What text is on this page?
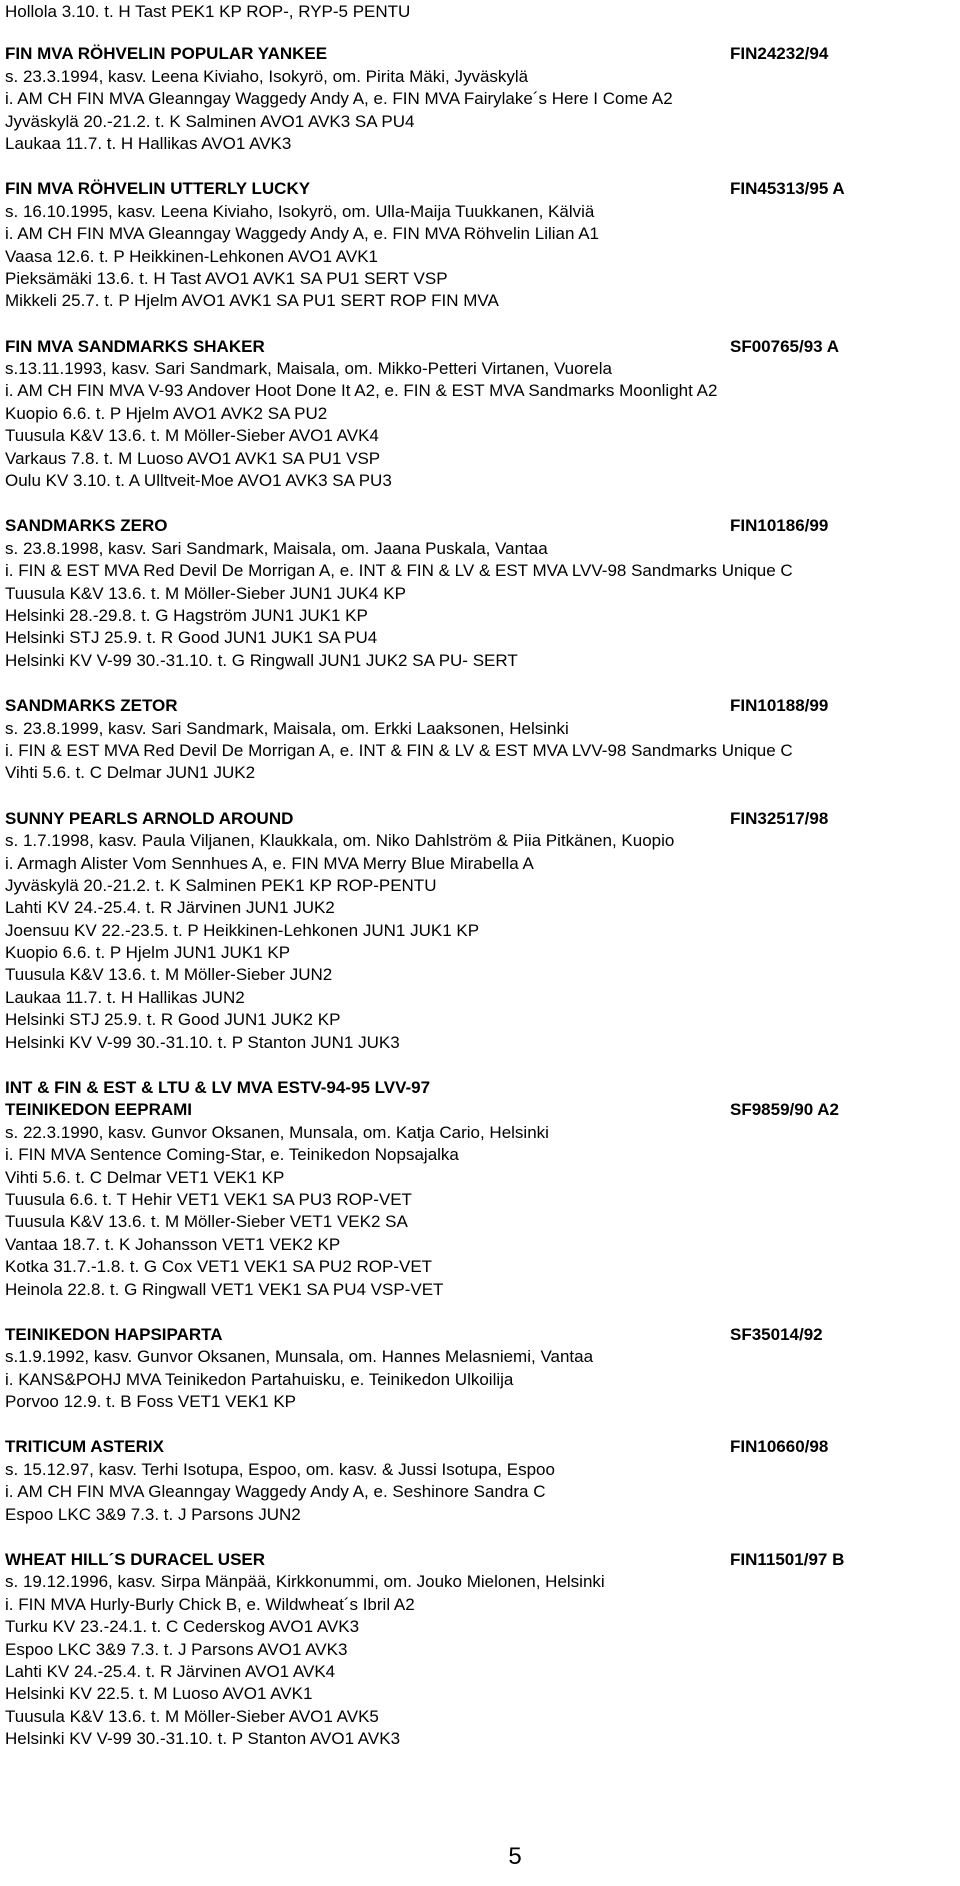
Hollola 3.10. t. H Tast PEK1 KP ROP-, RYP-5 PENTU
FIN MVA RÖHVELIN POPULAR YANKEE	FIN24232/94
s. 23.3.1994, kasv. Leena Kiviaho, Isokyrö, om. Pirita Mäki, Jyväskylä
i. AM CH FIN MVA Gleanngay Waggedy Andy A, e. FIN MVA Fairylake´s Here I Come A2
Jyväskylä 20.-21.2. t. K Salminen AVO1 AVK3 SA PU4
Laukaa 11.7. t. H Hallikas AVO1 AVK3
FIN MVA RÖHVELIN UTTERLY LUCKY	FIN45313/95 A
s. 16.10.1995, kasv. Leena Kiviaho, Isokyrö, om. Ulla-Maija Tuukkanen, Kälviä
i. AM CH FIN MVA Gleanngay Waggedy Andy A, e. FIN MVA Röhvelin Lilian A1
Vaasa 12.6. t. P Heikkinen-Lehkonen AVO1 AVK1
Pieksämäki 13.6. t. H Tast AVO1 AVK1 SA PU1 SERT VSP
Mikkeli 25.7. t. P Hjelm AVO1 AVK1 SA PU1 SERT ROP FIN MVA
FIN MVA SANDMARKS SHAKER	SF00765/93 A
s.13.11.1993, kasv. Sari Sandmark, Maisala, om. Mikko-Petteri Virtanen, Vuorela
i. AM CH FIN MVA V-93 Andover Hoot Done It A2, e. FIN & EST MVA Sandmarks Moonlight A2
Kuopio 6.6. t. P Hjelm AVO1 AVK2 SA PU2
Tuusula K&V 13.6. t. M Möller-Sieber AVO1 AVK4
Varkaus 7.8. t. M Luoso AVO1 AVK1 SA PU1 VSP
Oulu KV 3.10. t. A Ulltveit-Moe AVO1 AVK3 SA PU3
SANDMARKS ZERO	FIN10186/99
s. 23.8.1998, kasv. Sari Sandmark, Maisala, om. Jaana Puskala, Vantaa
i. FIN & EST MVA Red Devil De Morrigan A, e. INT & FIN & LV & EST MVA LVV-98 Sandmarks Unique C
Tuusula K&V 13.6. t. M Möller-Sieber JUN1 JUK4 KP
Helsinki 28.-29.8. t. G Hagström JUN1 JUK1 KP
Helsinki STJ 25.9. t. R Good JUN1 JUK1 SA PU4
Helsinki KV V-99 30.-31.10. t. G Ringwall JUN1 JUK2 SA PU- SERT
SANDMARKS ZETOR	FIN10188/99
s. 23.8.1999, kasv. Sari Sandmark, Maisala, om. Erkki Laaksonen, Helsinki
i. FIN & EST MVA Red Devil De Morrigan A, e. INT & FIN & LV & EST MVA LVV-98 Sandmarks Unique C
Vihti 5.6. t. C Delmar JUN1 JUK2
SUNNY PEARLS ARNOLD AROUND	FIN32517/98
s. 1.7.1998, kasv. Paula Viljanen, Klaukkala, om. Niko Dahlström & Piia Pitkänen, Kuopio
i. Armagh Alister Vom Sennhues A, e. FIN MVA Merry Blue Mirabella A
Jyväskylä 20.-21.2. t. K Salminen PEK1 KP ROP-PENTU
Lahti KV 24.-25.4. t. R Järvinen JUN1 JUK2
Joensuu KV 22.-23.5. t. P Heikkinen-Lehkonen JUN1 JUK1 KP
Kuopio 6.6. t. P Hjelm JUN1 JUK1 KP
Tuusula K&V 13.6. t. M Möller-Sieber JUN2
Laukaa 11.7. t. H Hallikas JUN2
Helsinki STJ 25.9. t. R Good JUN1 JUK2 KP
Helsinki KV V-99 30.-31.10. t. P Stanton JUN1 JUK3
INT & FIN & EST & LTU & LV MVA ESTV-94-95 LVV-97
TEINIKEDON EEPRAMI	SF9859/90 A2
s. 22.3.1990, kasv. Gunvor Oksanen, Munsala, om. Katja Cario, Helsinki
i. FIN MVA Sentence Coming-Star, e. Teinikedon Nopsajalka
Vihti 5.6. t. C Delmar VET1 VEK1 KP
Tuusula 6.6. t. T Hehir VET1 VEK1 SA PU3 ROP-VET
Tuusula K&V 13.6. t. M Möller-Sieber VET1 VEK2 SA
Vantaa 18.7. t. K Johansson VET1 VEK2 KP
Kotka 31.7.-1.8. t. G Cox VET1 VEK1 SA PU2 ROP-VET
Heinola 22.8. t. G Ringwall VET1 VEK1 SA PU4 VSP-VET
TEINIKEDON HAPSIPARTA	SF35014/92
s.1.9.1992, kasv. Gunvor Oksanen, Munsala, om. Hannes Melasniemi, Vantaa
i. KANS&POHJ MVA Teinikedon Partahuisku, e. Teinikedon Ulkoilija
Porvoo 12.9. t. B Foss VET1 VEK1 KP
TRITICUM ASTERIX	FIN10660/98
s. 15.12.97, kasv. Terhi Isotupa, Espoo, om. kasv. & Jussi Isotupa, Espoo
i. AM CH FIN MVA Gleanngay Waggedy Andy A, e. Seshinore Sandra C
Espoo LKC 3&9 7.3. t. J Parsons JUN2
WHEAT HILL´S DURACEL USER	FIN11501/97 B
s. 19.12.1996, kasv. Sirpa Mänpää, Kirkkonummi, om. Jouko Mielonen, Helsinki
i. FIN MVA Hurly-Burly Chick B, e. Wildwheat´s Ibril A2
Turku KV 23.-24.1. t. C Cederskog AVO1 AVK3
Espoo LKC 3&9 7.3. t. J Parsons AVO1 AVK3
Lahti KV 24.-25.4. t. R Järvinen AVO1 AVK4
Helsinki KV 22.5. t. M Luoso AVO1 AVK1
Tuusula K&V 13.6. t. M Möller-Sieber AVO1 AVK5
Helsinki KV V-99 30.-31.10. t. P Stanton AVO1 AVK3
5
